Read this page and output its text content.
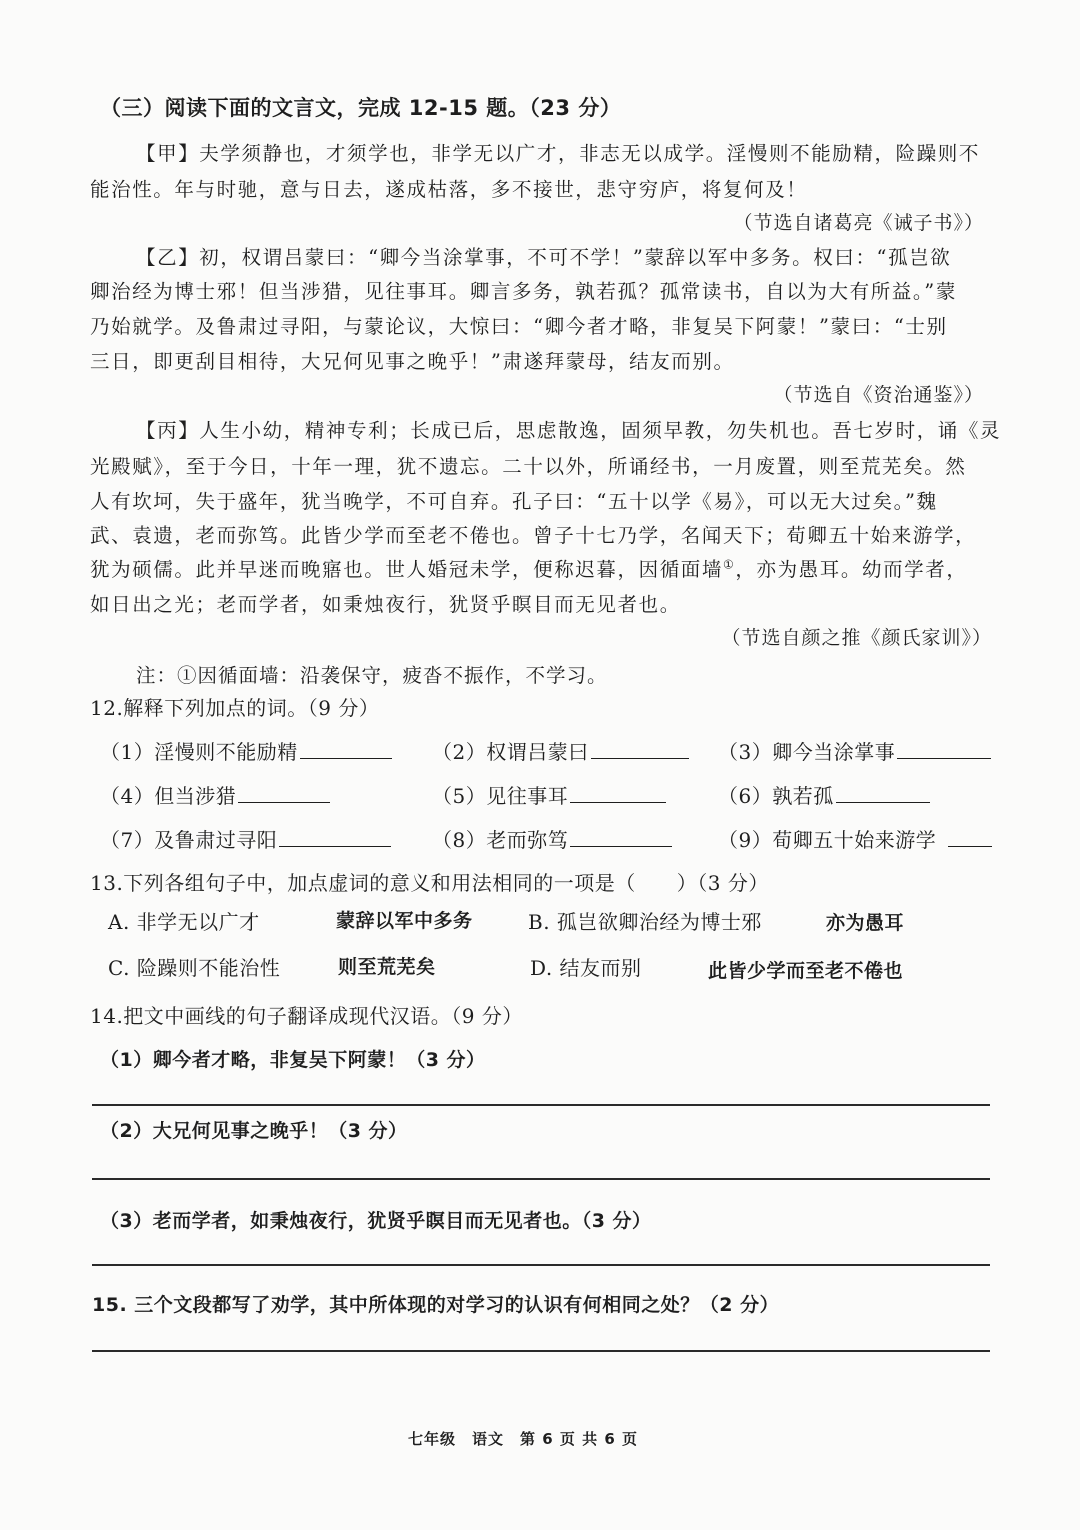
（三）阅读下面的文言文，完成 12-15 题。（23 分）
【甲】夫学须静也，才须学也，非学无以广才，非志无以成学。淫慢则不能励精，险躁则不
能治性。年与时驰，意与日去，遂成枯落，多不接世，悲守穷庐，将复何及！
（节选自诸葛亮《诫子书》）
【乙】初，权谓吕蒙曰：“卿今当涂掌事，不可不学！”蒙辞以军中多务。权曰：“孤岂欲
卿治经为博士邪！但当涉猎，见往事耳。卿言多务，孰若孤？孤常读书，自以为大有所益。”蒙
乃始就学。及鲁肃过寻阳，与蒙论议，大惊曰：“卿今者才略，非复吴下阿蒙！”蒙曰：“士别
三日，即更刮目相待，大兄何见事之晚乎！”肃遂拜蒙母，结友而别。
（节选自《资治通鉴》）
【丙】人生小幼，精神专利；长成已后，思虑散逸，固须早教，勿失机也。吾七岁时，诵《灵
光殿赋》，至于今日，十年一理，犹不遗忘。二十以外，所诵经书，一月废置，则至荒芜矣。然
人有坎坷，失于盛年，犹当晚学，不可自弃。孔子曰：“五十以学《易》，可以无大过矣。”魏
武、袁遗，老而弥笃。此皆少学而至老不倦也。曾子十七乃学，名闻天下；荀卿五十始来游学，
犹为硕儒。此并早迷而晚寤也。世人婚冠未学，便称迟暮，因循面墙①，亦为愚耳。幼而学者，
如日出之光；老而学者，如秉烛夜行，犹贤乎瞑目而无见者也。
（节选自颜之推《颜氏家训》）
注：①因循面墙：沿袭保守，疲沓不振作，不学习。
12.解释下列加点的词。（9 分）
（1）淫慢则不能励精	（2）权谓吕蒙曰	（3）卿今当涂掌事
（4）但当涉猎	（5）见往事耳	（6）孰若孤
（7）及鲁肃过寻阳	（8）老而弥笃	（9）荀卿五十始来游学
13.下列各组句子中，加点虚词的意义和用法相同的一项是（　　）（3 分）
A. 非学无以广才	蒙辞以军中多务	B. 孤岂欲卿治经为博士邪	亦为愚耳
C. 险躁则不能治性	则至荒芜矣	D. 结友而别	此皆少学而至老不倦也
14.把文中画线的句子翻译成现代汉语。（9 分）
（1）卿今者才略，非复吴下阿蒙！（3 分）
（2）大兄何见事之晚乎！（3 分）
（3）老而学者，如秉烛夜行，犹贤乎瞑目而无见者也。（3 分）
15. 三个文段都写了劝学，其中所体现的对学习的认识有何相同之处？（2 分）
七年级　语文　第 6 页 共 6 页
